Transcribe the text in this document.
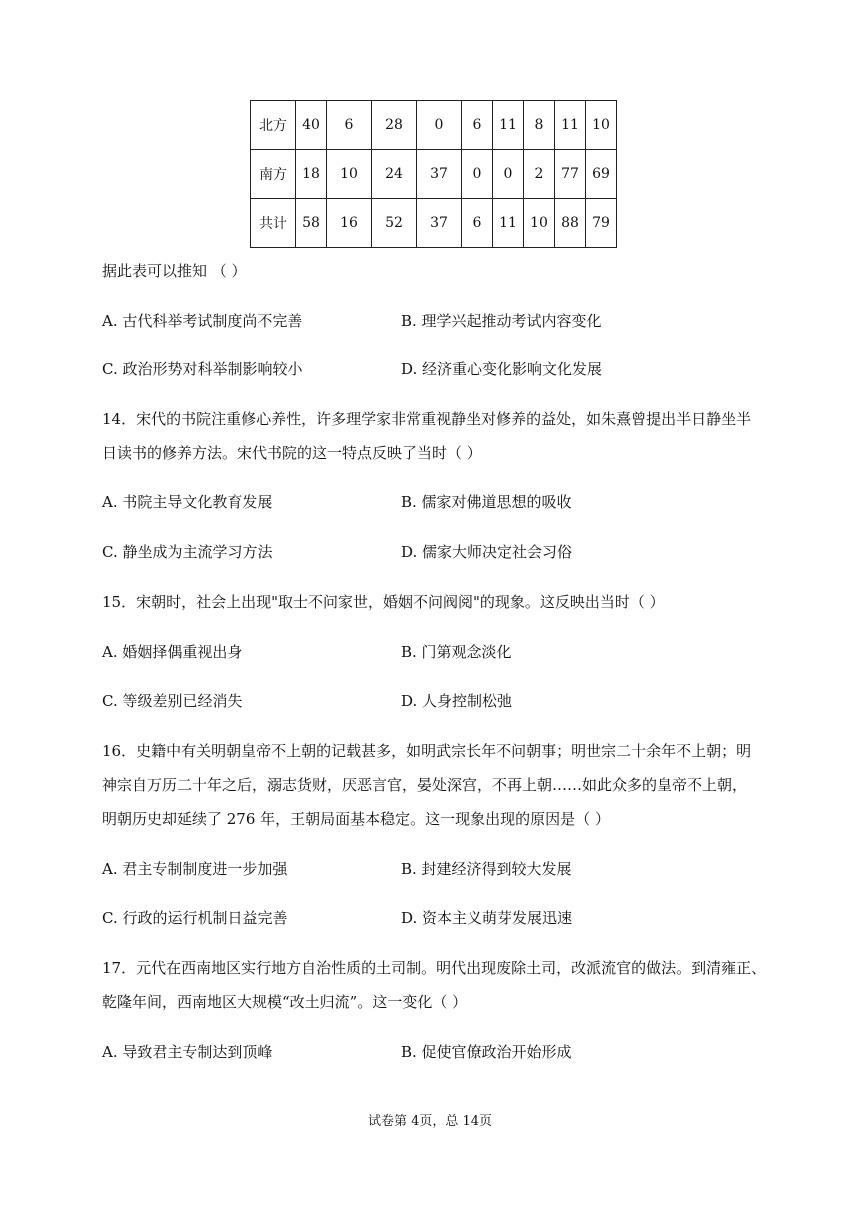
北方	40	6	28	0	6	11	8	11	10
南方	18	10	24	37	0	0	2	77	69
共计	58	16	52	37	6	11	10	88	79
据此表可以推知 （ ）
A. 古代科举考试制度尚不完善	B. 理学兴起推动考试内容变化
C. 政治形势对科举制影响较小	D. 经济重心变化影响文化发展
14．宋代的书院注重修心养性，许多理学家非常重视静坐对修养的益处，如朱熹曾提出半日静坐半
日读书的修养方法。宋代书院的这一特点反映了当时（ ）
A. 书院主导文化教育发展	B. 儒家对佛道思想的吸收
C. 静坐成为主流学习方法	D. 儒家大师决定社会习俗
15．宋朝时，社会上出现"取士不问家世，婚姻不问阀阅"的现象。这反映出当时（ ）
A. 婚姻择偶重视出身	B. 门第观念淡化
C. 等级差别已经消失	D. 人身控制松弛
16．史籍中有关明朝皇帝不上朝的记载甚多，如明武宗长年不问朝事；明世宗二十余年不上朝；明
神宗自万历二十年之后，溺志货财，厌恶言官，晏处深宫，不再上朝……如此众多的皇帝不上朝，
明朝历史却延续了 276 年，王朝局面基本稳定。这一现象出现的原因是（ ）
A. 君主专制制度进一步加强	B. 封建经济得到较大发展
C. 行政的运行机制日益完善	D. 资本主义萌芽发展迅速
17．元代在西南地区实行地方自治性质的土司制。明代出现废除土司，改派流官的做法。到清雍正、
乾隆年间，西南地区大规模“改土归流”。这一变化（ ）
A. 导致君主专制达到顶峰	B. 促使官僚政治开始形成
试卷第 4页，总 14页
